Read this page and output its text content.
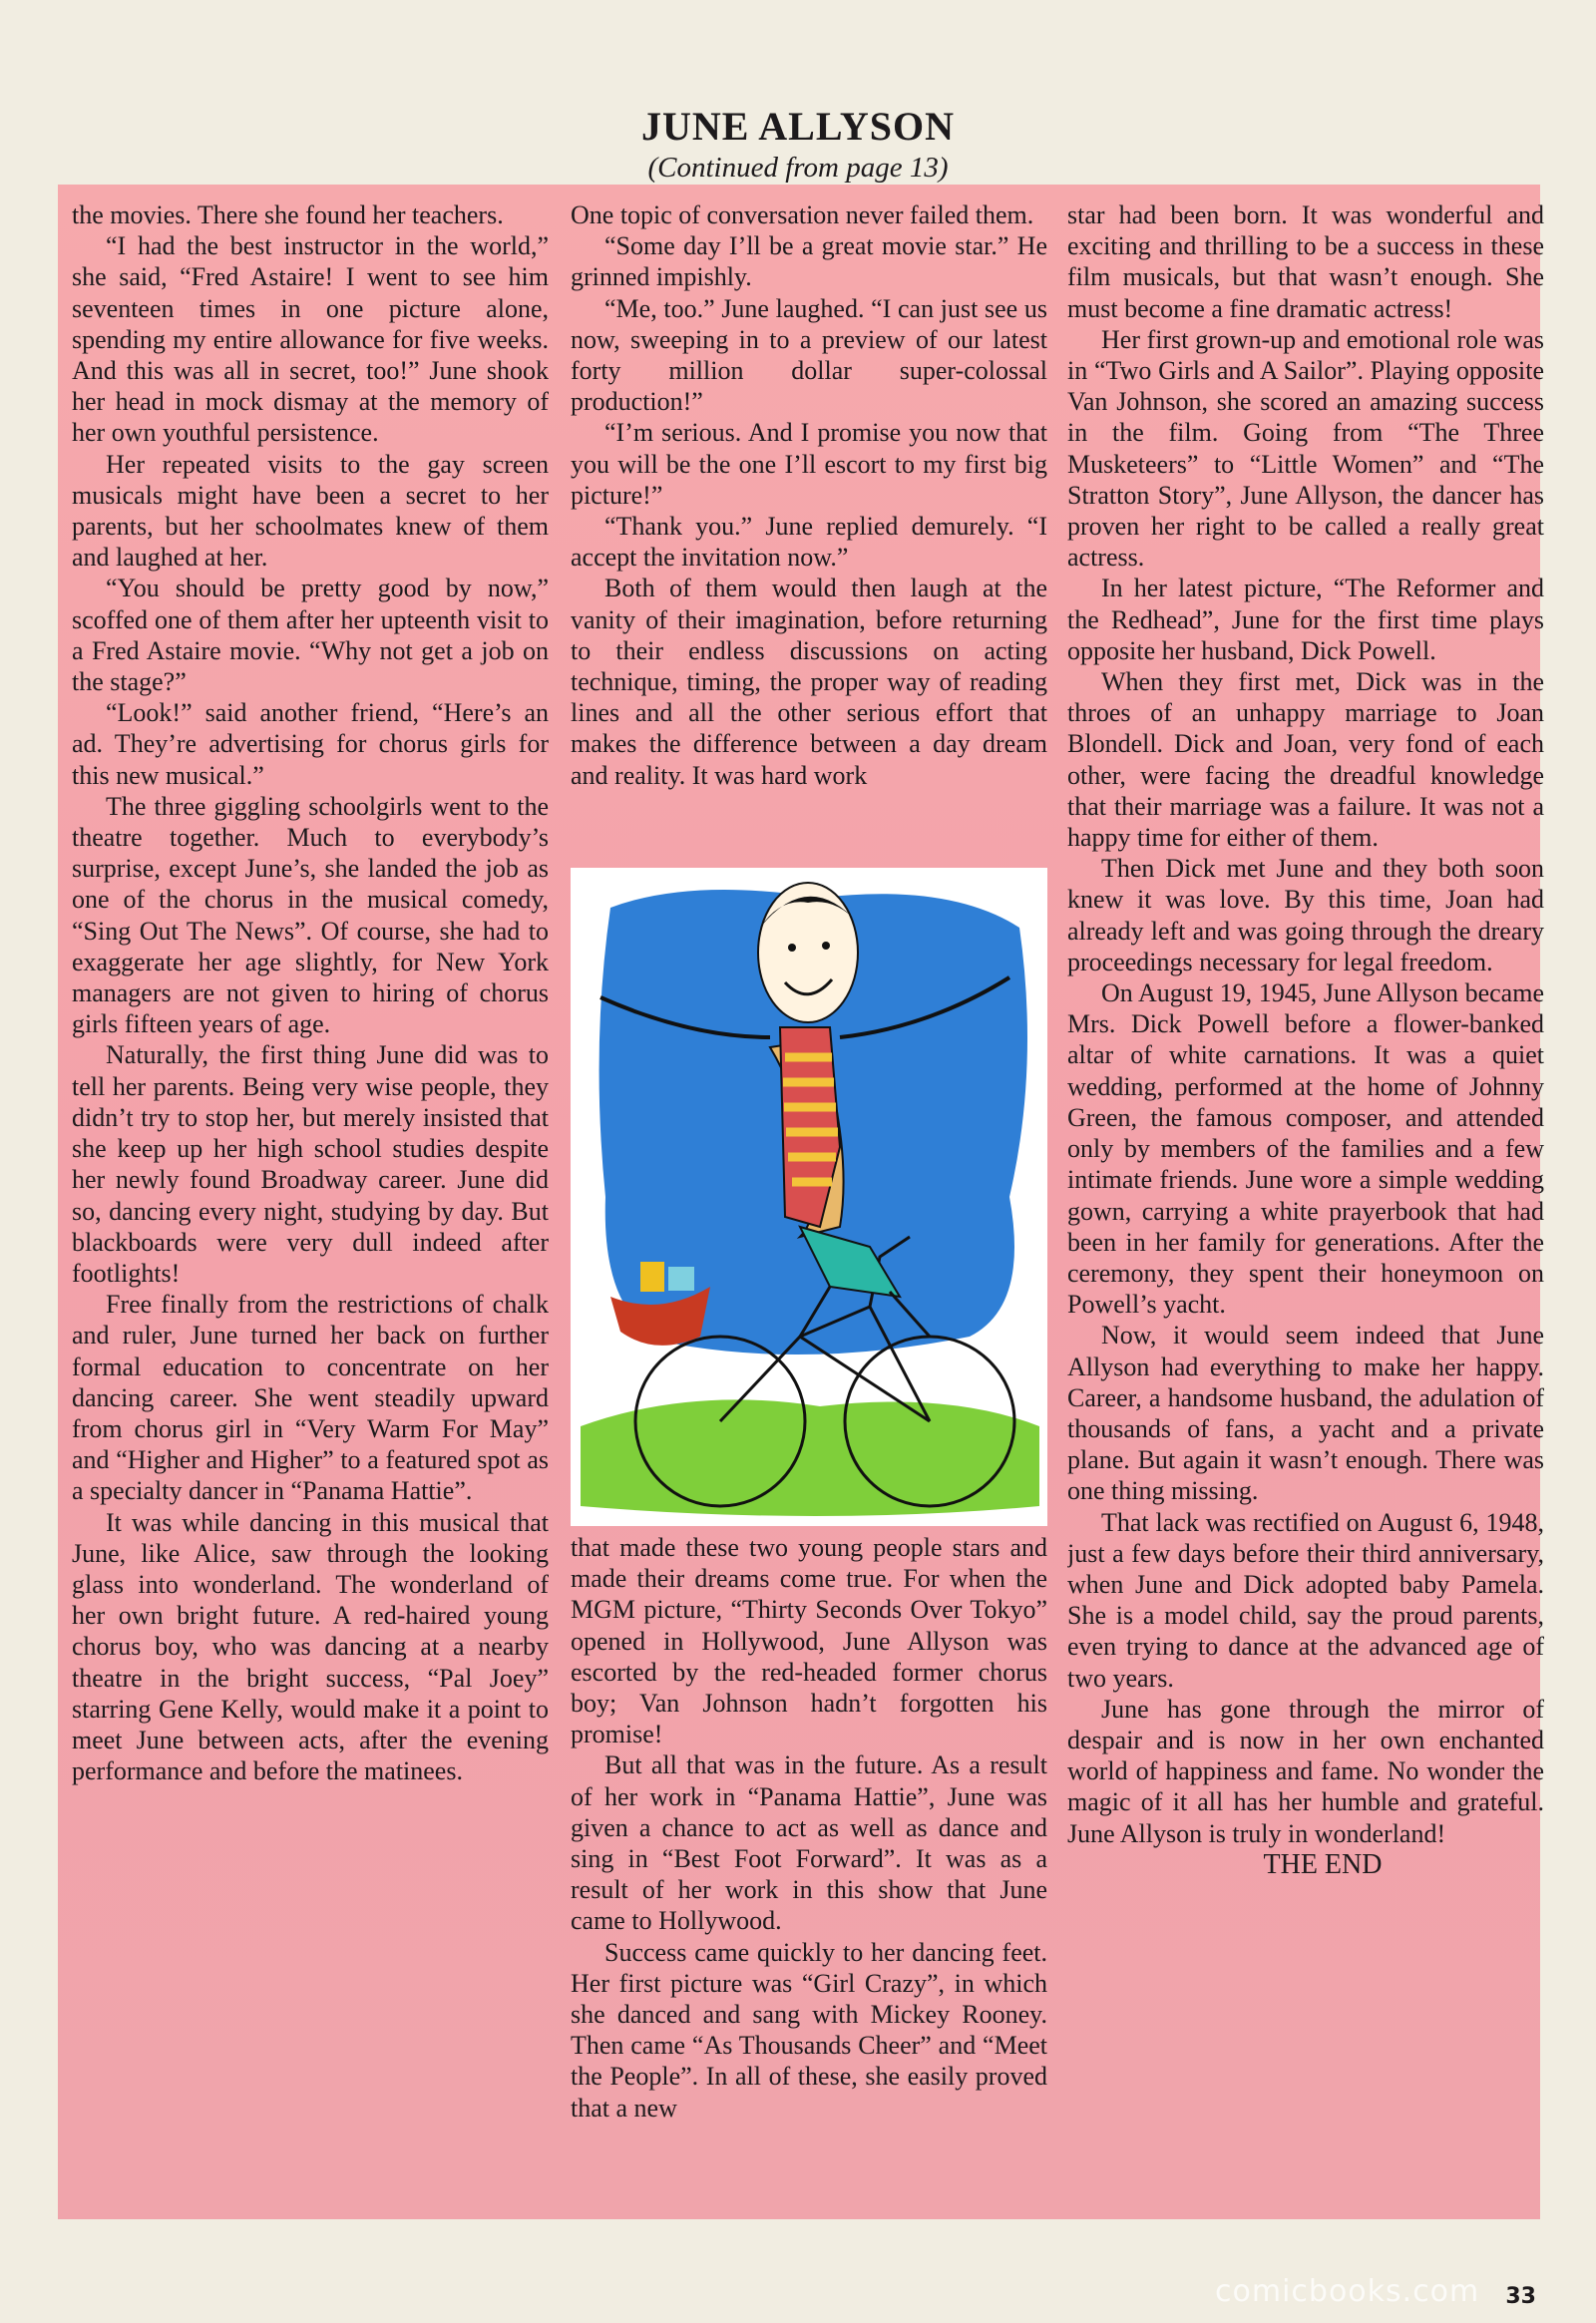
JUNE ALLYSON
(Continued from page 13)

the movies. There she found her teachers.

“I had the best instructor in the world,” she said, “Fred Astaire! I went to see him seventeen times in one picture alone, spending my entire allowance for five weeks. And this was all in secret, too!” June shook her head in mock dismay at the memory of her own youthful persistence.

Her repeated visits to the gay screen musicals might have been a secret to her parents, but her schoolmates knew of them and laughed at her.

“You should be pretty good by now,” scoffed one of them after her upteenth visit to a Fred Astaire movie. “Why not get a job on the stage?”

“Look!” said another friend, “Here’s an ad. They’re advertising for chorus girls for this new musical.”

The three giggling schoolgirls went to the theatre together. Much to everybody’s surprise, except June’s, she landed the job as one of the chorus in the musical comedy, “Sing Out The News”. Of course, she had to exaggerate her age slightly, for New York managers are not given to hiring of chorus girls fifteen years of age.

Naturally, the first thing June did was to tell her parents. Being very wise people, they didn’t try to stop her, but merely insisted that she keep up her high school studies despite her newly found Broadway career. June did so, dancing every night, studying by day. But blackboards were very dull indeed after footlights!

Free finally from the restrictions of chalk and ruler, June turned her back on further formal education to concentrate on her dancing career. She went steadily upward from chorus girl in “Very Warm For May” and “Higher and Higher” to a featured spot as a specialty dancer in “Panama Hattie”.

It was while dancing in this musical that June, like Alice, saw through the looking glass into wonderland. The wonderland of her own bright future. A red-haired young chorus boy, who was dancing at a nearby theatre in the bright success, “Pal Joey” starring Gene Kelly, would make it a point to meet June between acts, after the evening performance and before the matinees.

One topic of conversation never failed them.

“Some day I’ll be a great movie star.” He grinned impishly.

“Me, too.” June laughed. “I can just see us now, sweeping in to a preview of our latest forty million dollar super-colossal production!”

“I’m serious. And I promise you now that you will be the one I’ll escort to my first big picture!”

“Thank you.” June replied demurely. “I accept the invitation now.”

Both of them would then laugh at the vanity of their imagination, before returning to their endless discussions on acting technique, timing, the proper way of reading lines and all the other serious effort that makes the difference between a day dream and reality. It was hard work

that made these two young people stars and made their dreams come true. For when the MGM picture, “Thirty Seconds Over Tokyo” opened in Hollywood, June Allyson was escorted by the red-headed former chorus boy; Van Johnson hadn’t forgotten his promise!

But all that was in the future. As a result of her work in “Panama Hattie”, June was given a chance to act as well as dance and sing in “Best Foot Forward”. It was as a result of her work in this show that June came to Hollywood.

Success came quickly to her dancing feet. Her first picture was “Girl Crazy”, in which she danced and sang with Mickey Rooney. Then came “As Thousands Cheer” and “Meet the People”. In all of these, she easily proved that a new

star had been born. It was wonderful and exciting and thrilling to be a success in these film musicals, but that wasn’t enough. She must become a fine dramatic actress!

Her first grown-up and emotional role was in “Two Girls and A Sailor”. Playing opposite Van Johnson, she scored an amazing success in the film. Going from “The Three Musketeers” to “Little Women” and “The Stratton Story”, June Allyson, the dancer has proven her right to be called a really great actress.

In her latest picture, “The Reformer and the Redhead”, June for the first time plays opposite her husband, Dick Powell.

When they first met, Dick was in the throes of an unhappy marriage to Joan Blondell. Dick and Joan, very fond of each other, were facing the dreadful knowledge that their marriage was a failure. It was not a happy time for either of them.

Then Dick met June and they both soon knew it was love. By this time, Joan had already left and was going through the dreary proceedings necessary for legal freedom.

On August 19, 1945, June Allyson became Mrs. Dick Powell before a flower-banked altar of white carnations. It was a quiet wedding, performed at the home of Johnny Green, the famous composer, and attended only by members of the families and a few intimate friends. June wore a simple wedding gown, carrying a white prayerbook that had been in her family for generations. After the ceremony, they spent their honeymoon on Powell’s yacht.

Now, it would seem indeed that June Allyson had everything to make her happy. Career, a handsome husband, the adulation of thousands of fans, a yacht and a private plane. But again it wasn’t enough. There was one thing missing.

That lack was rectified on August 6, 1948, just a few days before their third anniversary, when June and Dick adopted baby Pamela. She is a model child, say the proud parents, even trying to dance at the advanced age of two years.

June has gone through the mirror of despair and is now in her own enchanted world of happiness and fame. No wonder the magic of it all has her humble and grateful. June Allyson is truly in wonderland!

THE END

comicbooks.com 33
